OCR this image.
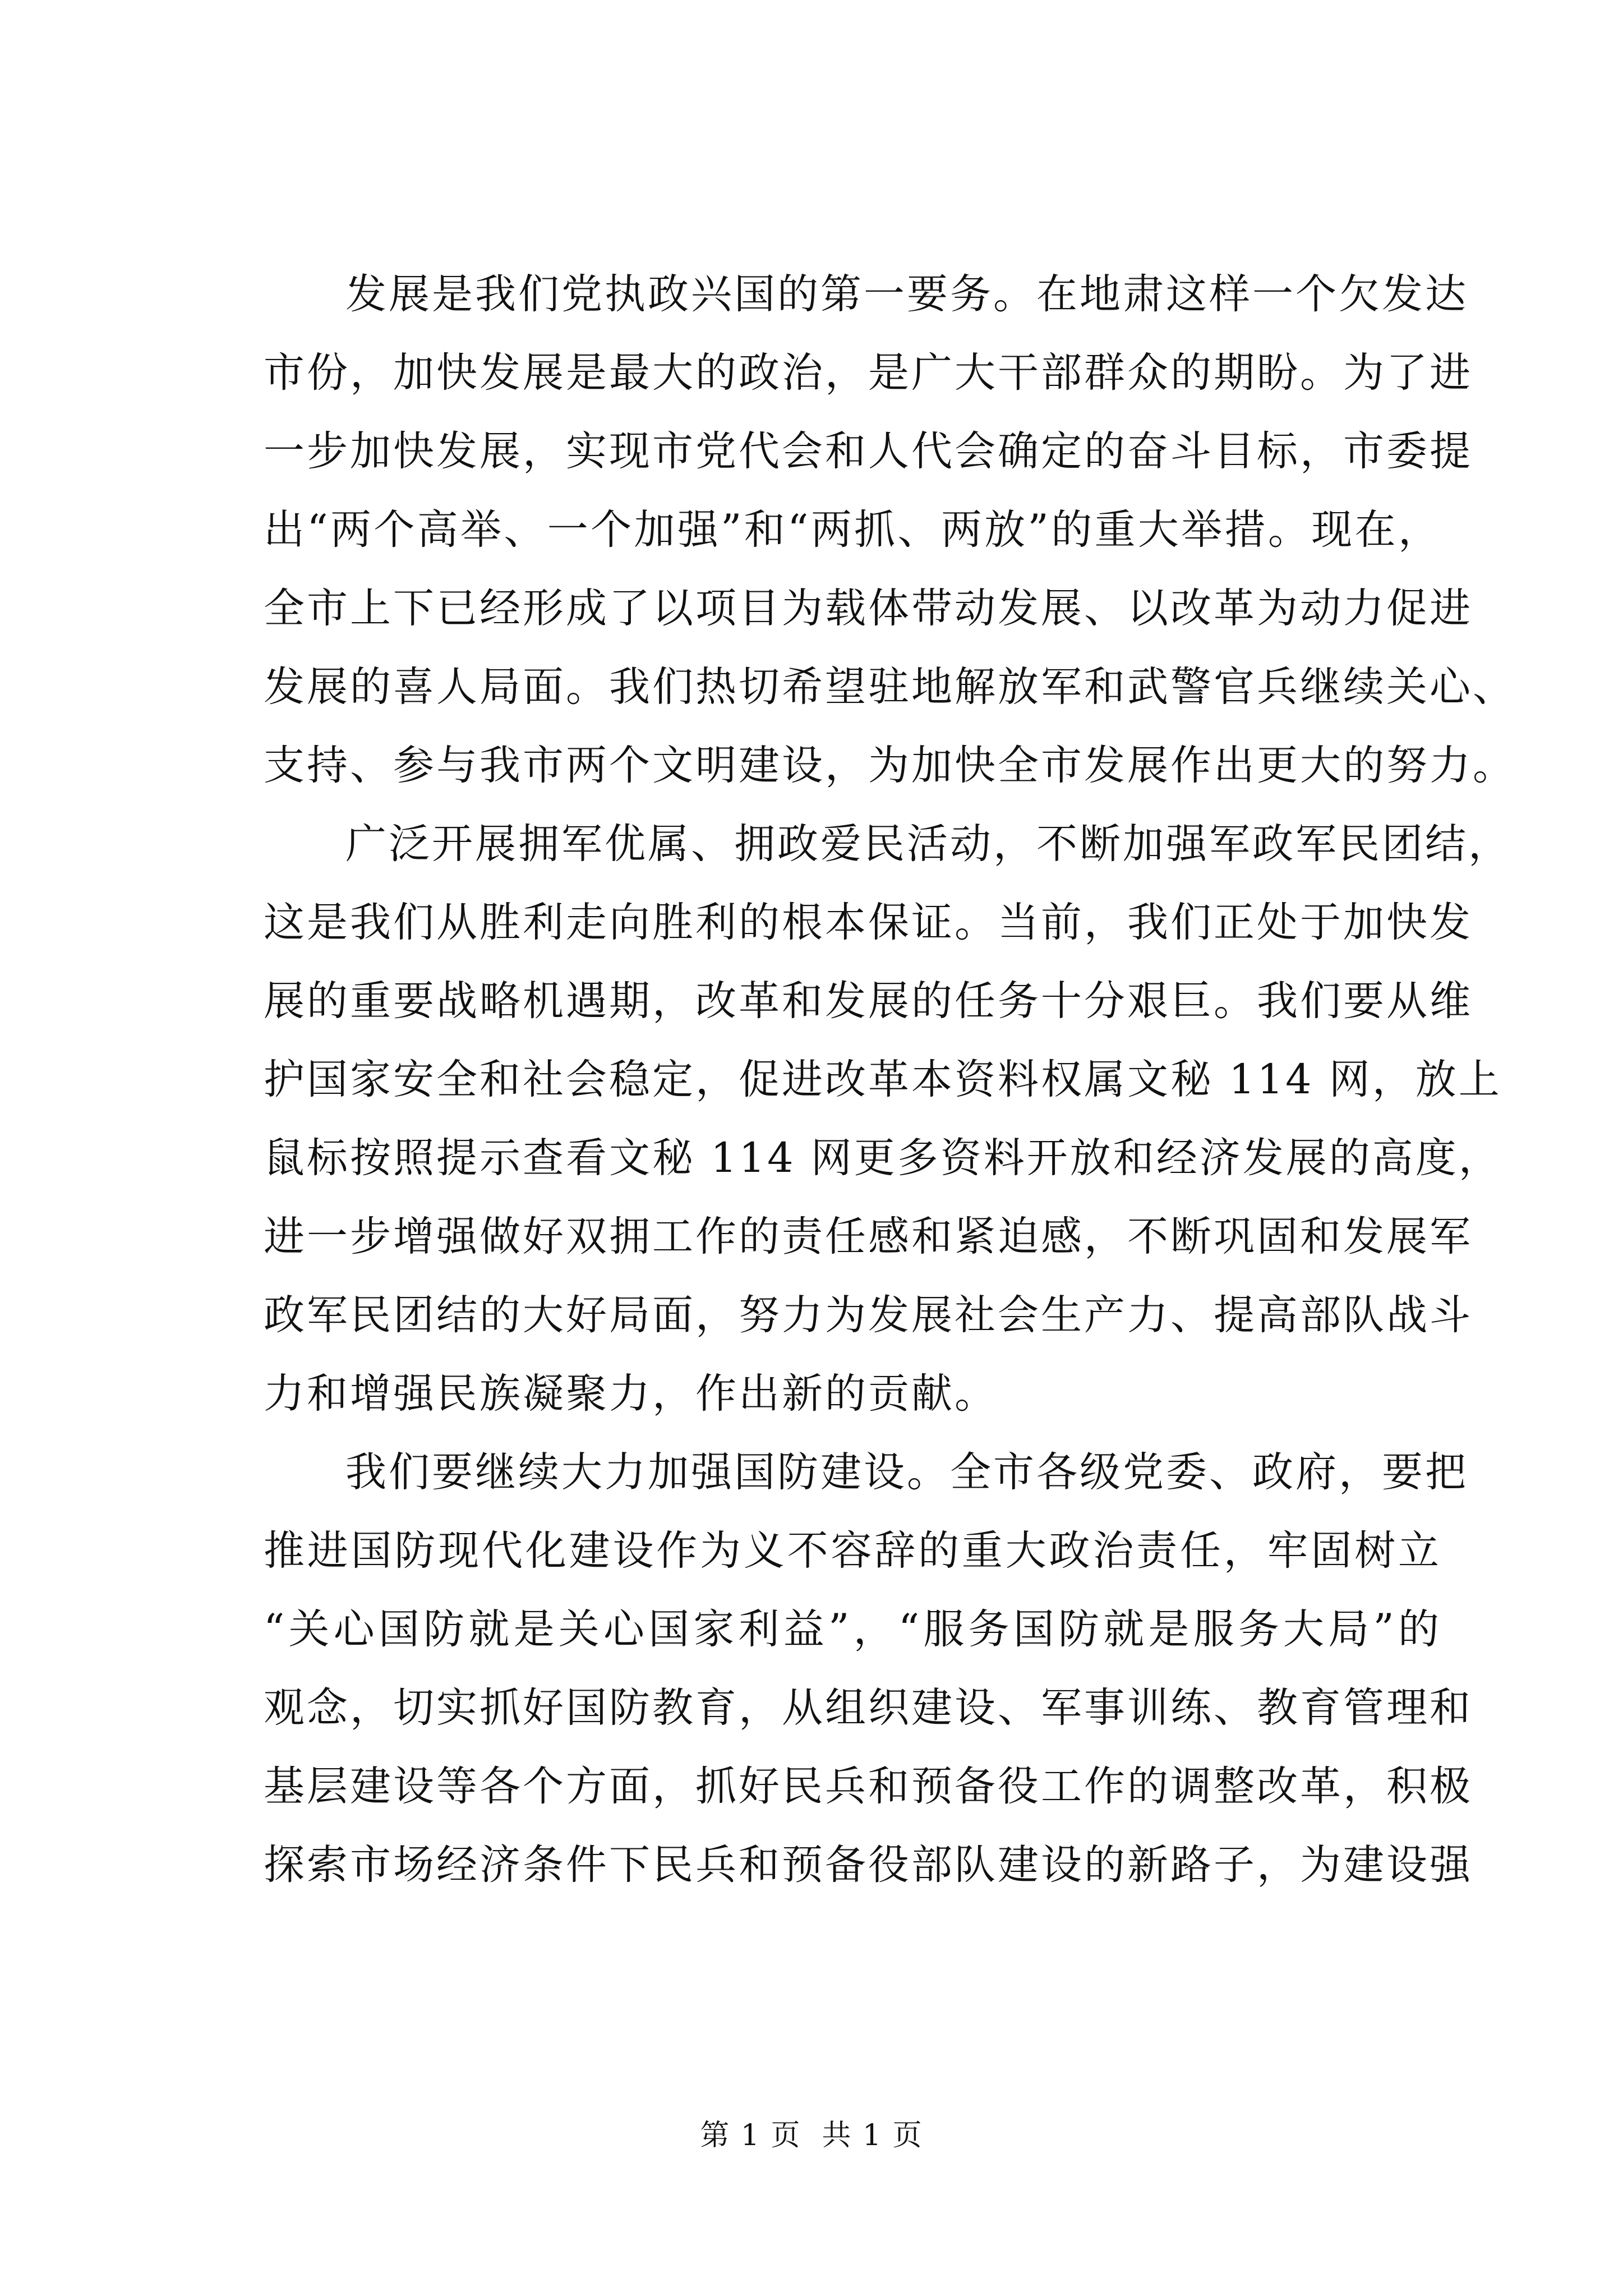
发展是我们党执政兴国的第一要务。在地肃这样一个欠发达
市份，加快发展是最大的政治，是广大干部群众的期盼。为了进
一步加快发展，实现市党代会和人代会确定的奋斗目标，市委提
出“两个高举、一个加强”和“两抓、两放”的重大举措。现在，
全市上下已经形成了以项目为载体带动发展、以改革为动力促进
发展的喜人局面。我们热切希望驻地解放军和武警官兵继续关心、
支持、参与我市两个文明建设，为加快全市发展作出更大的努力。
广泛开展拥军优属、拥政爱民活动，不断加强军政军民团结，
这是我们从胜利走向胜利的根本保证。当前，我们正处于加快发
展的重要战略机遇期，改革和发展的任务十分艰巨。我们要从维
护国家安全和社会稳定，促进改革本资料权属文秘 114 网，放上
鼠标按照提示查看文秘 114 网更多资料开放和经济发展的高度，
进一步增强做好双拥工作的责任感和紧迫感，不断巩固和发展军
政军民团结的大好局面，努力为发展社会生产力、提高部队战斗
力和增强民族凝聚力，作出新的贡献。
我们要继续大力加强国防建设。全市各级党委、政府，要把
推进国防现代化建设作为义不容辞的重大政治责任，牢固树立
“关心国防就是关心国家利益”，“服务国防就是服务大局”的
观念，切实抓好国防教育，从组织建设、军事训练、教育管理和
基层建设等各个方面，抓好民兵和预备役工作的调整改革，积极
探索市场经济条件下民兵和预备役部队建设的新路子，为建设强
第 1 页  共 1 页
